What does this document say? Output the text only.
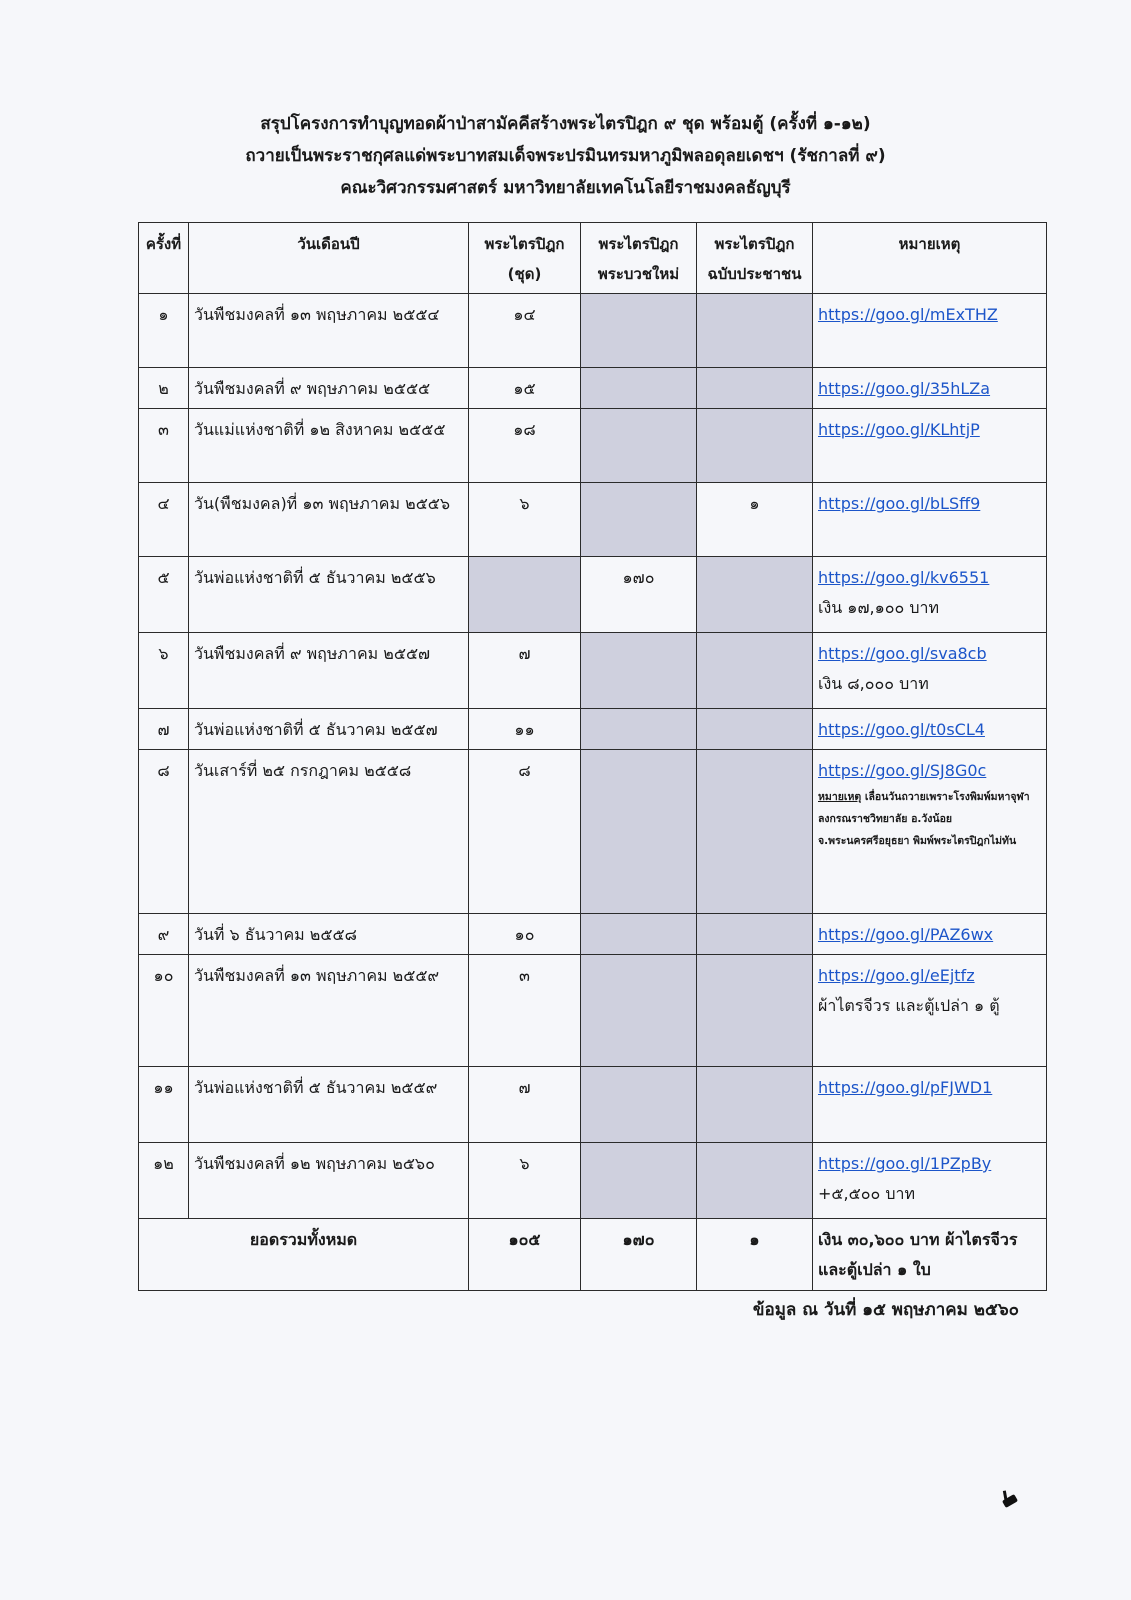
สรุปโครงการทำบุญทอดผ้าป่าสามัคคีสร้างพระไตรปิฎก ๙ ชุด พร้อมตู้ (ครั้งที่ ๑-๑๒)
ถวายเป็นพระราชกุศลแด่พระบาทสมเด็จพระปรมินทรมหาภูมิพลอดุลยเดชฯ (รัชกาลที่ ๙)
คณะวิศวกรรมศาสตร์ มหาวิทยาลัยเทคโนโลยีราชมงคลธัญบุรี
ครั้งที่	วันเดือนปี	พระไตรปิฎก (ชุด)	พระไตรปิฎก พระบวชใหม่	พระไตรปิฎก ฉบับประชาชน	หมายเหตุ
๑	วันพืชมงคลที่ ๑๓ พฤษภาคม ๒๕๕๔	๑๔			https://goo.gl/mExTHZ

๒	วันพืชมงคลที่ ๙ พฤษภาคม ๒๕๕๕	๑๕			https://goo.gl/35hLZa

๓	วันแม่แห่งชาติที่ ๑๒ สิงหาคม ๒๕๕๕	๑๘			https://goo.gl/KLhtjP

๔	วัน(พืชมงคล)ที่ ๑๓ พฤษภาคม ๒๕๕๖	๖		๑	https://goo.gl/bLSff9

๕	วันพ่อแห่งชาติที่ ๕ ธันวาคม ๒๕๕๖		๑๗๐		https://goo.gl/kv6551
เงิน ๑๗,๑๐๐ บาท

๖	วันพืชมงคลที่ ๙ พฤษภาคม ๒๕๕๗	๗			https://goo.gl/sva8cb
เงิน ๘,๐๐๐ บาท

๗	วันพ่อแห่งชาติที่ ๕ ธันวาคม ๒๕๕๗	๑๑			https://goo.gl/t0sCL4

๘	วันเสาร์ที่ ๒๕ กรกฎาคม ๒๕๕๘	๘			https://goo.gl/SJ8G0c
หมายเหตุ เลื่อนวันถวายเพราะโรงพิมพ์มหาจุฬาลงกรณราชวิทยาลัย อ.วังน้อย
จ.พระนครศรีอยุธยา พิมพ์พระไตรปิฎกไม่ทัน

๙	วันที่ ๖ ธันวาคม ๒๕๕๘	๑๐			https://goo.gl/PAZ6wx

๑๐	วันพืชมงคลที่ ๑๓ พฤษภาคม ๒๕๕๙	๓			https://goo.gl/eEjtfz
ผ้าไตรจีวร และตู้เปล่า ๑ ตู้

๑๑	วันพ่อแห่งชาติที่ ๕ ธันวาคม ๒๕๕๙	๗			https://goo.gl/pFJWD1

๑๒	วันพืชมงคลที่ ๑๒ พฤษภาคม ๒๕๖๐	๖			https://goo.gl/1PZpBy
+๕,๕๐๐ บาท

ยอดรวมทั้งหมด		๑๐๕	๑๗๐	๑	เงิน ๓๐,๖๐๐ บาท ผ้าไตรจีวร และตู้เปล่า ๑ ใบ
ข้อมูล ณ วันที่ ๑๕ พฤษภาคม ๒๕๖๐
